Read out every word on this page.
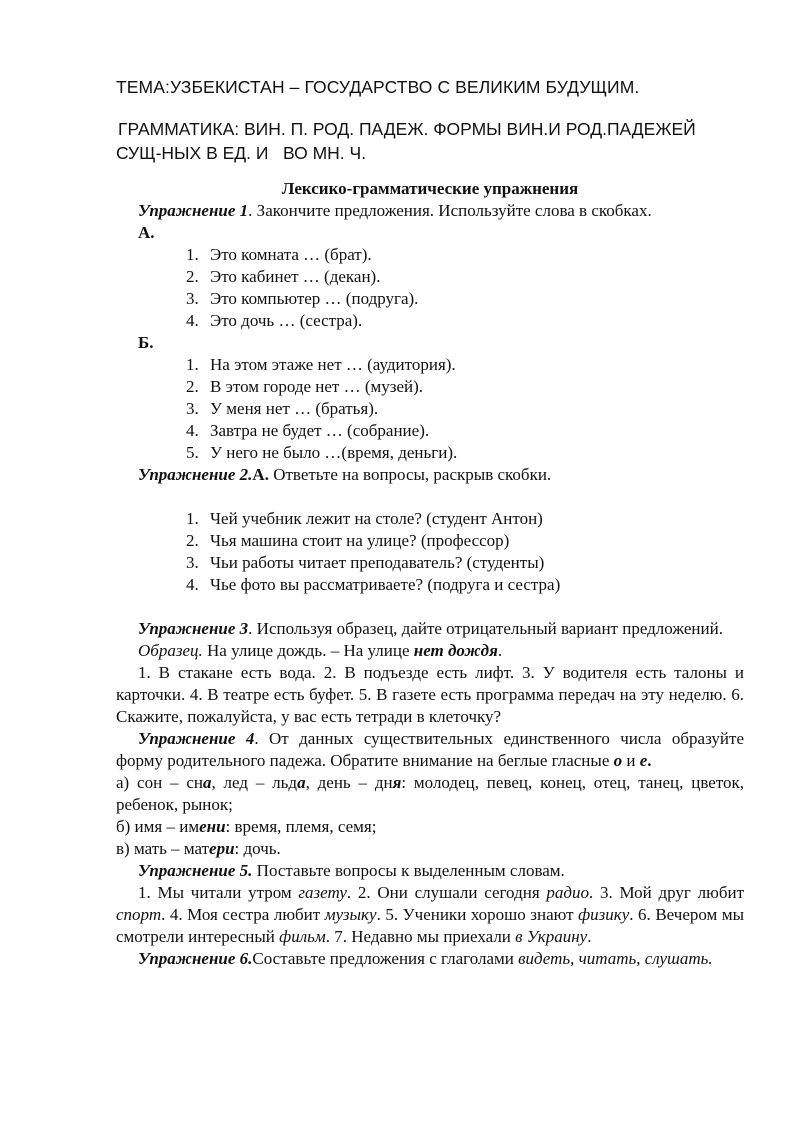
ТЕМА:УЗБЕКИСТАН – ГОСУДАРСТВО С ВЕЛИКИМ БУДУЩИМ.
ГРАММАТИКА: ВИН. П. РОД. ПАДЕЖ. ФОРМЫ ВИН.И РОД.ПАДЕЖЕЙ
СУЩ-НЫХ В ЕД. И   ВО МН. Ч.

Лексико-грамматические упражнения

Упражнение 1. Закончите предложения. Используйте слова в скобках.

А.

1. Это комната … (брат).
2. Это кабинет … (декан).
3. Это компьютер … (подруга).
4. Это дочь … (сестра).

Б.

1. На этом этаже нет … (аудитория).
2. В этом городе нет … (музей).
3. У меня нет … (братья).
4. Завтра не будет … (собрание).
5. У него не было …(время, деньги).

Упражнение 2.А. Ответьте на вопросы, раскрыв скобки.

1. Чей учебник лежит на столе? (студент Антон)
2. Чья машина стоит на улице? (профессор)
3. Чьи работы читает преподаватель? (студенты)
4. Чье фото вы рассматриваете? (подруга и сестра)

Упражнение 3. Используя образец, дайте отрицательный вариант предложений.

Образец. На улице дождь. – На улице нет дождя.

1. В стакане есть вода. 2. В подъезде есть лифт. 3. У водителя есть талоны и карточки. 4. В театре есть буфет. 5. В газете есть программа передач на эту неделю. 6. Скажите, пожалуйста, у вас есть тетради в клеточку?

Упражнение 4. От данных существительных единственного числа образуйте форму родительного падежа. Обратите внимание на беглые гласные о и е.

а) сон – сна, лед – льда, день – дня: молодец, певец, конец, отец, танец, цветок, ребенок, рынок;

б) имя – имени: время, племя, семя;

в) мать – матери: дочь.

Упражнение 5. Поставьте вопросы к выделенным словам.

1. Мы читали утром газету. 2. Они слушали сегодня радио. 3. Мой друг любит спорт. 4. Моя сестра любит музыку. 5. Ученики хорошо знают физику. 6. Вечером мы смотрели интересный фильм. 7. Недавно мы приехали в Украину.

Упражнение 6.Составьте предложения с глаголами видеть, читать, слушать.
